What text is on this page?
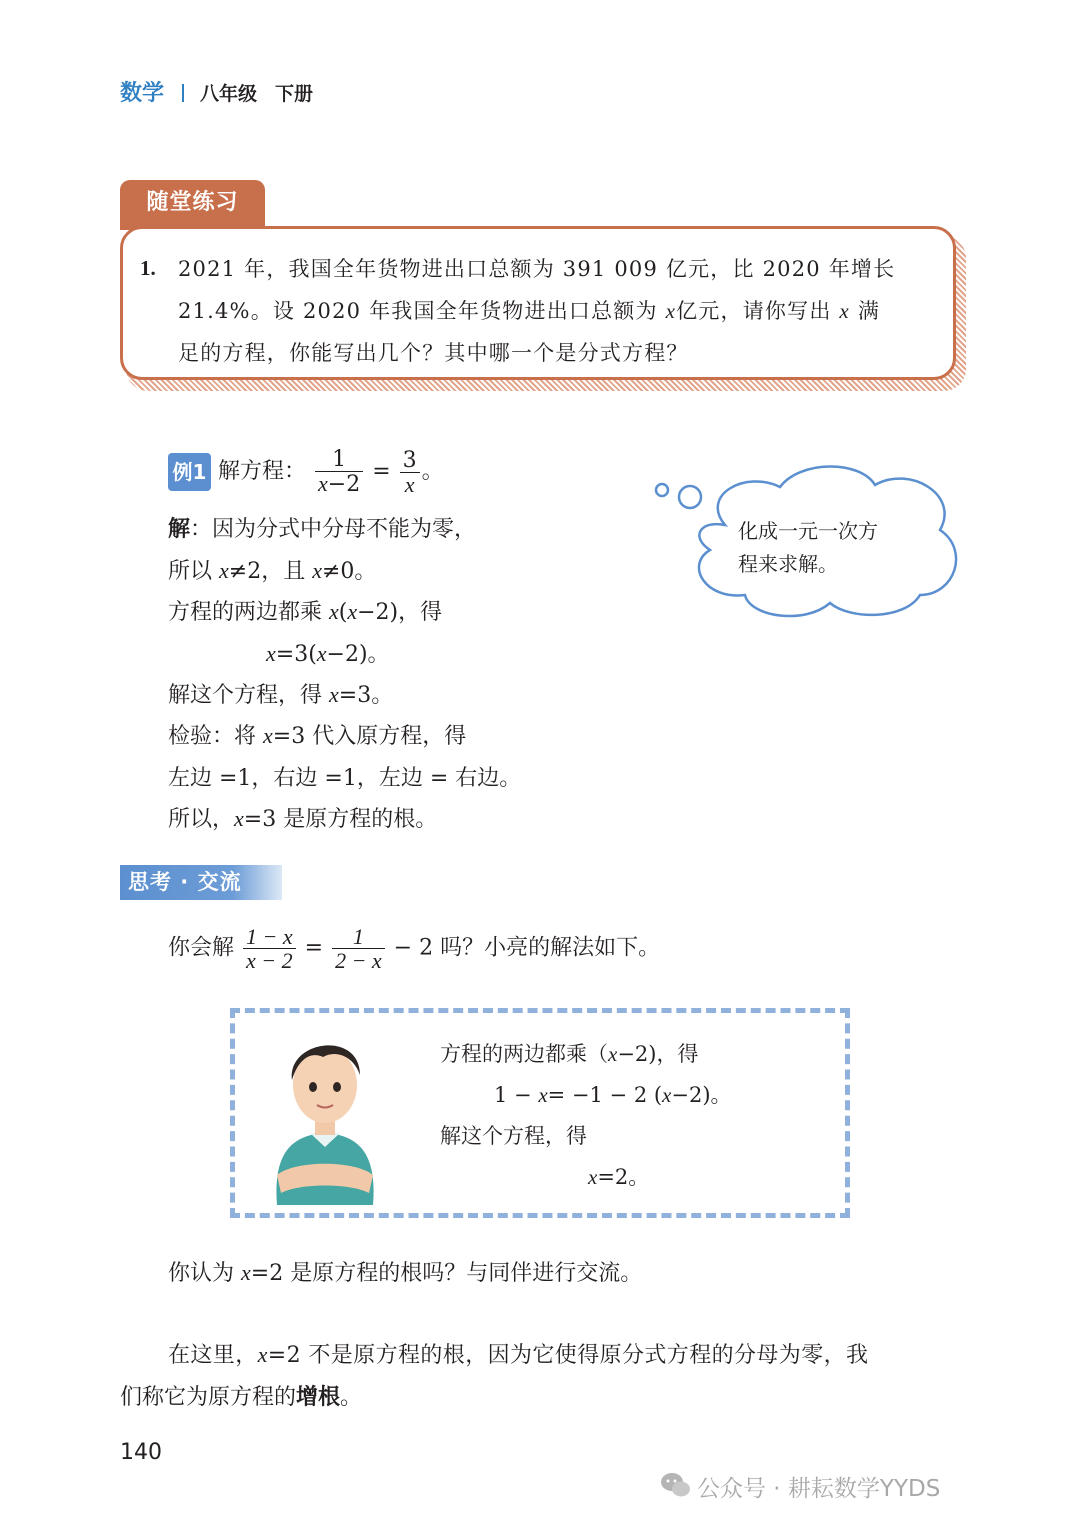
数学 八年级 下册
随堂练习
1. 2021 年，我国全年货物进出口总额为 391 009 亿元，比 2020 年增长
21.4%。设 2020 年我国全年货物进出口总额为 x亿元，请你写出 x 满
足的方程，你能写出几个？其中哪一个是分式方程？
例1 解方程： $\frac{1}{x-2} = \frac{3}{x}$ 。
解：因为分式中分母不能为零，
所以 x≠2，且 x≠0。
方程的两边都乘 x(x−2)，得
x=3(x−2)。
解这个方程，得 x=3。
检验：将 x=3 代入原方程，得
左边 =1，右边 =1，左边 = 右边。
所以，x=3 是原方程的根。
化成一元一次方
程来求解。
思考 · 交流
你会解 $\frac{1 - x}{x - 2} = \frac{1}{2 - x} - 2$ 吗？小亮的解法如下。
方程的两边都乘（x−2)，得
1 − x= −1 − 2 (x−2)。
解这个方程，得
x=2。
你认为 x=2 是原方程的根吗？与同伴进行交流。
在这里，x=2 不是原方程的根，因为它使得原分式方程的分母为零，我
们称它为原方程的增根。
140
公众号 · 耕耘数学YYDS
